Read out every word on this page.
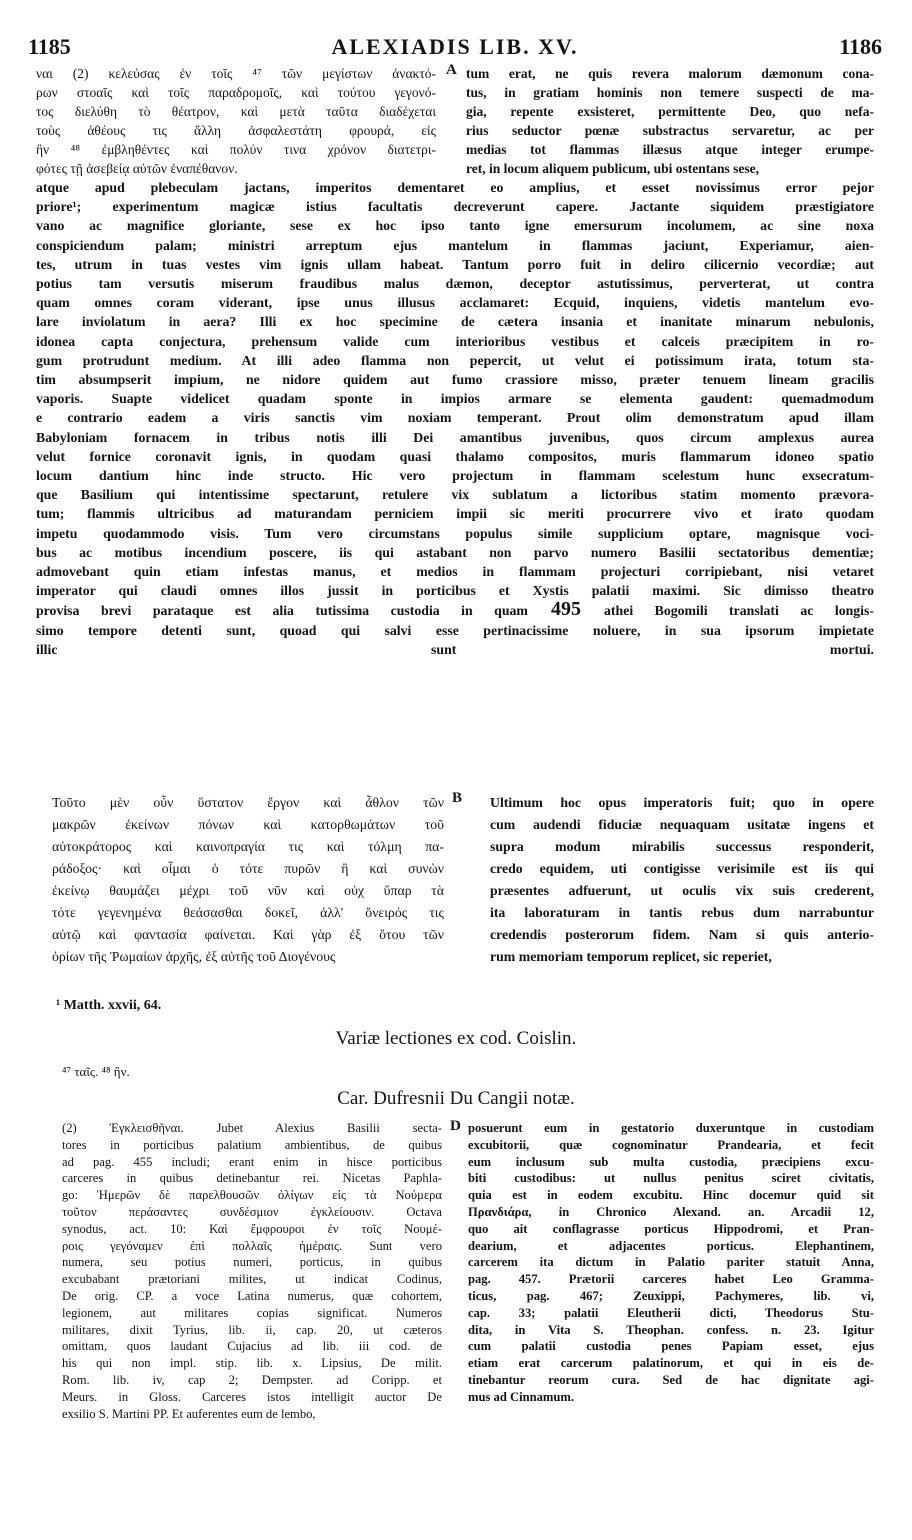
1185	ALEXIADIS LIB. XV.	1186
ναι (2) κελεύσας ἐν τοῖς ⁴⁷ τῶν μεγίστων ἀνακτό-
ρων στοαῖς καὶ τοῖς παραδρομοῖς, καὶ τούτου γεγονό-
τος διελύθη τὸ θέατρον, καὶ μετὰ ταῦτα διαδέχεται
τοὺς ἀθέους τις ἄλλη ἀσφαλεστάτη φρουρά, εἰς
ἣν ⁴⁸ ἐμβληθέντες καὶ πολύν τινα χρόνον διατετρι-
φότες τῇ ἀσεβείᾳ αὐτῶν ἐναπέθανον.
A tum erat, ne quis revera malorum dæmonum cona-
tus, in gratiam hominis non temere suspecti de ma-
gia, repente exsisteret, permittente Deo, quo nefa-
rius seductor pœnæ substractus servaretur, ac per
medias tot flammas illæsus atque integer erumpe-
ret, in locum aliquem publicum, ubi ostentans sese,
atque apud plebeculam jactans, imperitos dementaret eo amplius, et esset novissimus error pejor
priore¹; experimentum magicæ istius facultatis decreverunt capere. Jactante siquidem præstigiatore
vano ac magnifice gloriante, sese ex hoc ipso tanto igne emersurum incolumem, ac sine noxa
conspiciendum palam; ministri arreptum ejus mantelum in flammas jaciunt, Experiamur, aien-
tes, utrum in tuas vestes vim ignis ullam habeat. Tantum porro fuit in deliro cilicernio vecordiæ; aut
potius tam versutis miserum fraudibus malus dæmon, deceptor astutissimus, perverterat, ut contra
quam omnes coram viderant, ipse unus illusus acclamaret: Ecquid, inquiens, videtis mantelum evo-
lare inviolatum in aera? Illi ex hoc specimine de cætera insania et inanitate minarum nebulonis,
idonea capta conjectura, prehensum valide cum interioribus vestibus et calceis præcipitem in ro-
gum protrudunt medium. At illi adeo flamma non pepercit, ut velut ei potissimum irata, totum sta-
tim absumpserit impium, ne nidore quidem aut fumo crassiore misso, præter tenuem lineam gracilis
vaporis. Suapte videlicet quadam sponte in impios armare se elementa gaudent: quemadmodum
e contrario eadem a viris sanctis vim noxiam temperant. Prout olim demonstratum apud illam
Babyloniam fornacem in tribus notis illi Dei amantibus juvenibus, quos circum amplexus aurea
velut fornice coronavit ignis, in quodam quasi thalamo compositos, muris flammarum idoneo spatio
locum dantium hinc inde structo. Hic vero projectum in flammam scelestum hunc exsecratum-
que Basilium qui intentissime spectarunt, retulere vix sublatum a lictoribus statim momento prævorа-
tum; flammis ultricibus ad maturandam perniciem impii sic meriti procurrere vivo et irato quodam
impetu quodammodo visis. Tum vero circumstans populus simile supplicium optare, magnisque voci-
bus ac motibus incendium poscere, iis qui astabant non parvo numero Basilii sectatoribus dementiæ;
admovebant quin etiam infestas manus, et medios in flammam projecturi corripiebant, nisi vetaret
imperator qui claudi omnes illos jussit in porticibus et Xystis palatii maximi. Sic dimisso theatro
provisa brevi parataque est alia tutissima custodia in quam 495 athei Bogomili translati ac longis-
simo tempore detenti sunt, quoad qui salvi esse pertinacissime noluere, in sua ipsorum impietate
illic sunt mortui.
Τοῦτο μὲν οὖν ὕστατον ἔργον καὶ ἆθλον τῶν
μακρῶν ἐκείνων πόνων καὶ κατορθωμάτων τοῦ
αὐτοκράτορος καὶ καινοπραγία τις καὶ τόλμη πα-
ράδοξος· καὶ οἶμαι ὁ τότε πυρῶν ἢ καὶ συνὼν
ἐκείνῳ θαυμάζει μέχρι τοῦ νῦν καὶ οὐχ ὕπαρ τὰ
τότε γεγενημένα θεάσασθαι δοκεῖ, ἀλλ' ὄνειρός τις
αὐτῷ καὶ φαντασία φαίνεται. Καὶ γὰρ ἐξ ὅτου τῶν
ὁρίων τῆς Ῥωμαίων ἀρχῆς, ἐξ αὐτῆς τοῦ Διογένους
B Ultimum hoc opus imperatoris fuit; quo in opere
cum audendi fiduciæ nequaquam usitatæ ingens et
supra modum mirabilis successus responderit,
credo equidem, uti contigisse verisimile est iis qui
præsentes adfuerunt, ut oculis vix suis crederent,
ita laboraturam in tantis rebus dum narrabuntur
credendis posterorum fidem. Nam si quis anterio-
rum memoriam temporum replicet, sic reperiet,
¹ Matth. xxvii, 64.
Variæ lectiones ex cod. Coislin.
⁴⁷ ταῖς. ⁴⁸ ἣν.
Car. Dufresnii Du Cangii notæ.
(2) Ἐγκλεισθῆναι. Jubet Alexius Basilii secta-
tores in porticibus palatium ambientibus, de quibus
ad pag. 455 includi; erant enim in hisce porticibus
carceres in quibus detinebantur rei. Nicetas Paphla-
go: Ἡμερῶν δὲ παρελθουσῶν ὀλίγων εἰς τὰ Νούμερα
τοῦτον περάσαντες συνδέσμιον ἐγκλείουσιν. Octava
synodus, act. 10: Καὶ ἔμφρουροι ἐν τοῖς Νουμέ-
ροις γεγόναμεν ἐπὶ πολλαῖς ἡμέραις. Sunt vero
numera, seu potius numeri, porticus, in quibus
excubabant prætoriani milites, ut indicat Codinus,
De orig. CP. a voce Latina numerus, quæ cohortem,
legionem, aut militares copias significat. Numeros
militares, dixit Tyrius, lib. ii, cap. 20, ut cæteros
omittam, quos laudant Cujacius ad lib. iii cod. de
his qui non impl. stip. lib. x. Lipsius, De milit.
Rom. lib. iv, cap 2; Dempster. ad Coripp. et
Meurs. in Gloss. Carceres istos intelligit auctor De
exsilio S. Martini PP. Et auferentes eum de lembo,
D posuerunt eum in gestatorio duxeruntque in custodiam
excubitorii, quæ cognominatur Prandearia, et fecit
eum inclusum sub multa custodia, præcipiens excu-
biti custodibus: ut nullus penitus sciret civitatis,
quia est in eodem excubitu. Hinc docemur quid sit
Πρανδιάρα, in Chronico Alexand. an. Arcadii 12,
quo ait conflagrasse porticus Hippodromi, et Pran-
dearium, et adjacentes porticus. Elephantinem,
carcerem ita dictum in Palatio pariter statuit Anna,
pag. 457. Prætorii carceres habet Leo Gramma-
ticus, pag. 467; Zeuxippi, Pachymeres, lib. vi,
cap. 33; palatii Eleutherii dicti, Theodorus Stu-
dita, in Vita S. Theophan. confess. n. 23. Igitur
cum palatii custodia penes Papiam esset, ejus
etiam erat carcerum palatinorum, et qui in eis de-
tinebantur reorum cura. Sed de hac dignitate agi-
mus ad Cinnamum.
